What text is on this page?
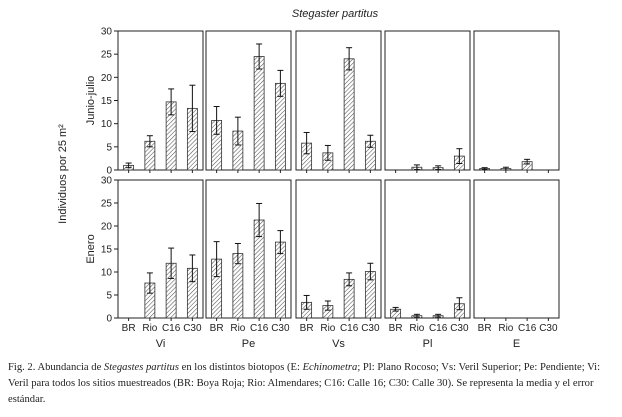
Stegaster partitus
Individuos por 25 m²
Junio-julio
0
5
10
15
20
25
30
Enero
0
5
10
15
20
25
30
BR Rio C16 C30
Vi
BR Rio C16 C30
Pe
BR Rio C16 C30
Vs
BR Rio C16 C30
Pl
BR Rio C16 C30
E
Fig. 2. Abundancia de Stegastes partitus en los distintos biotopos (E: Echinometra; Pl: Plano Rocoso; Vs: Veril Superior; Pe: Pendiente; Vi: Veril para todos los sitios muestreados (BR: Boya Roja; Rio: Almendares; C16: Calle 16; C30: Calle 30). Se representa la media y el error estándar.
